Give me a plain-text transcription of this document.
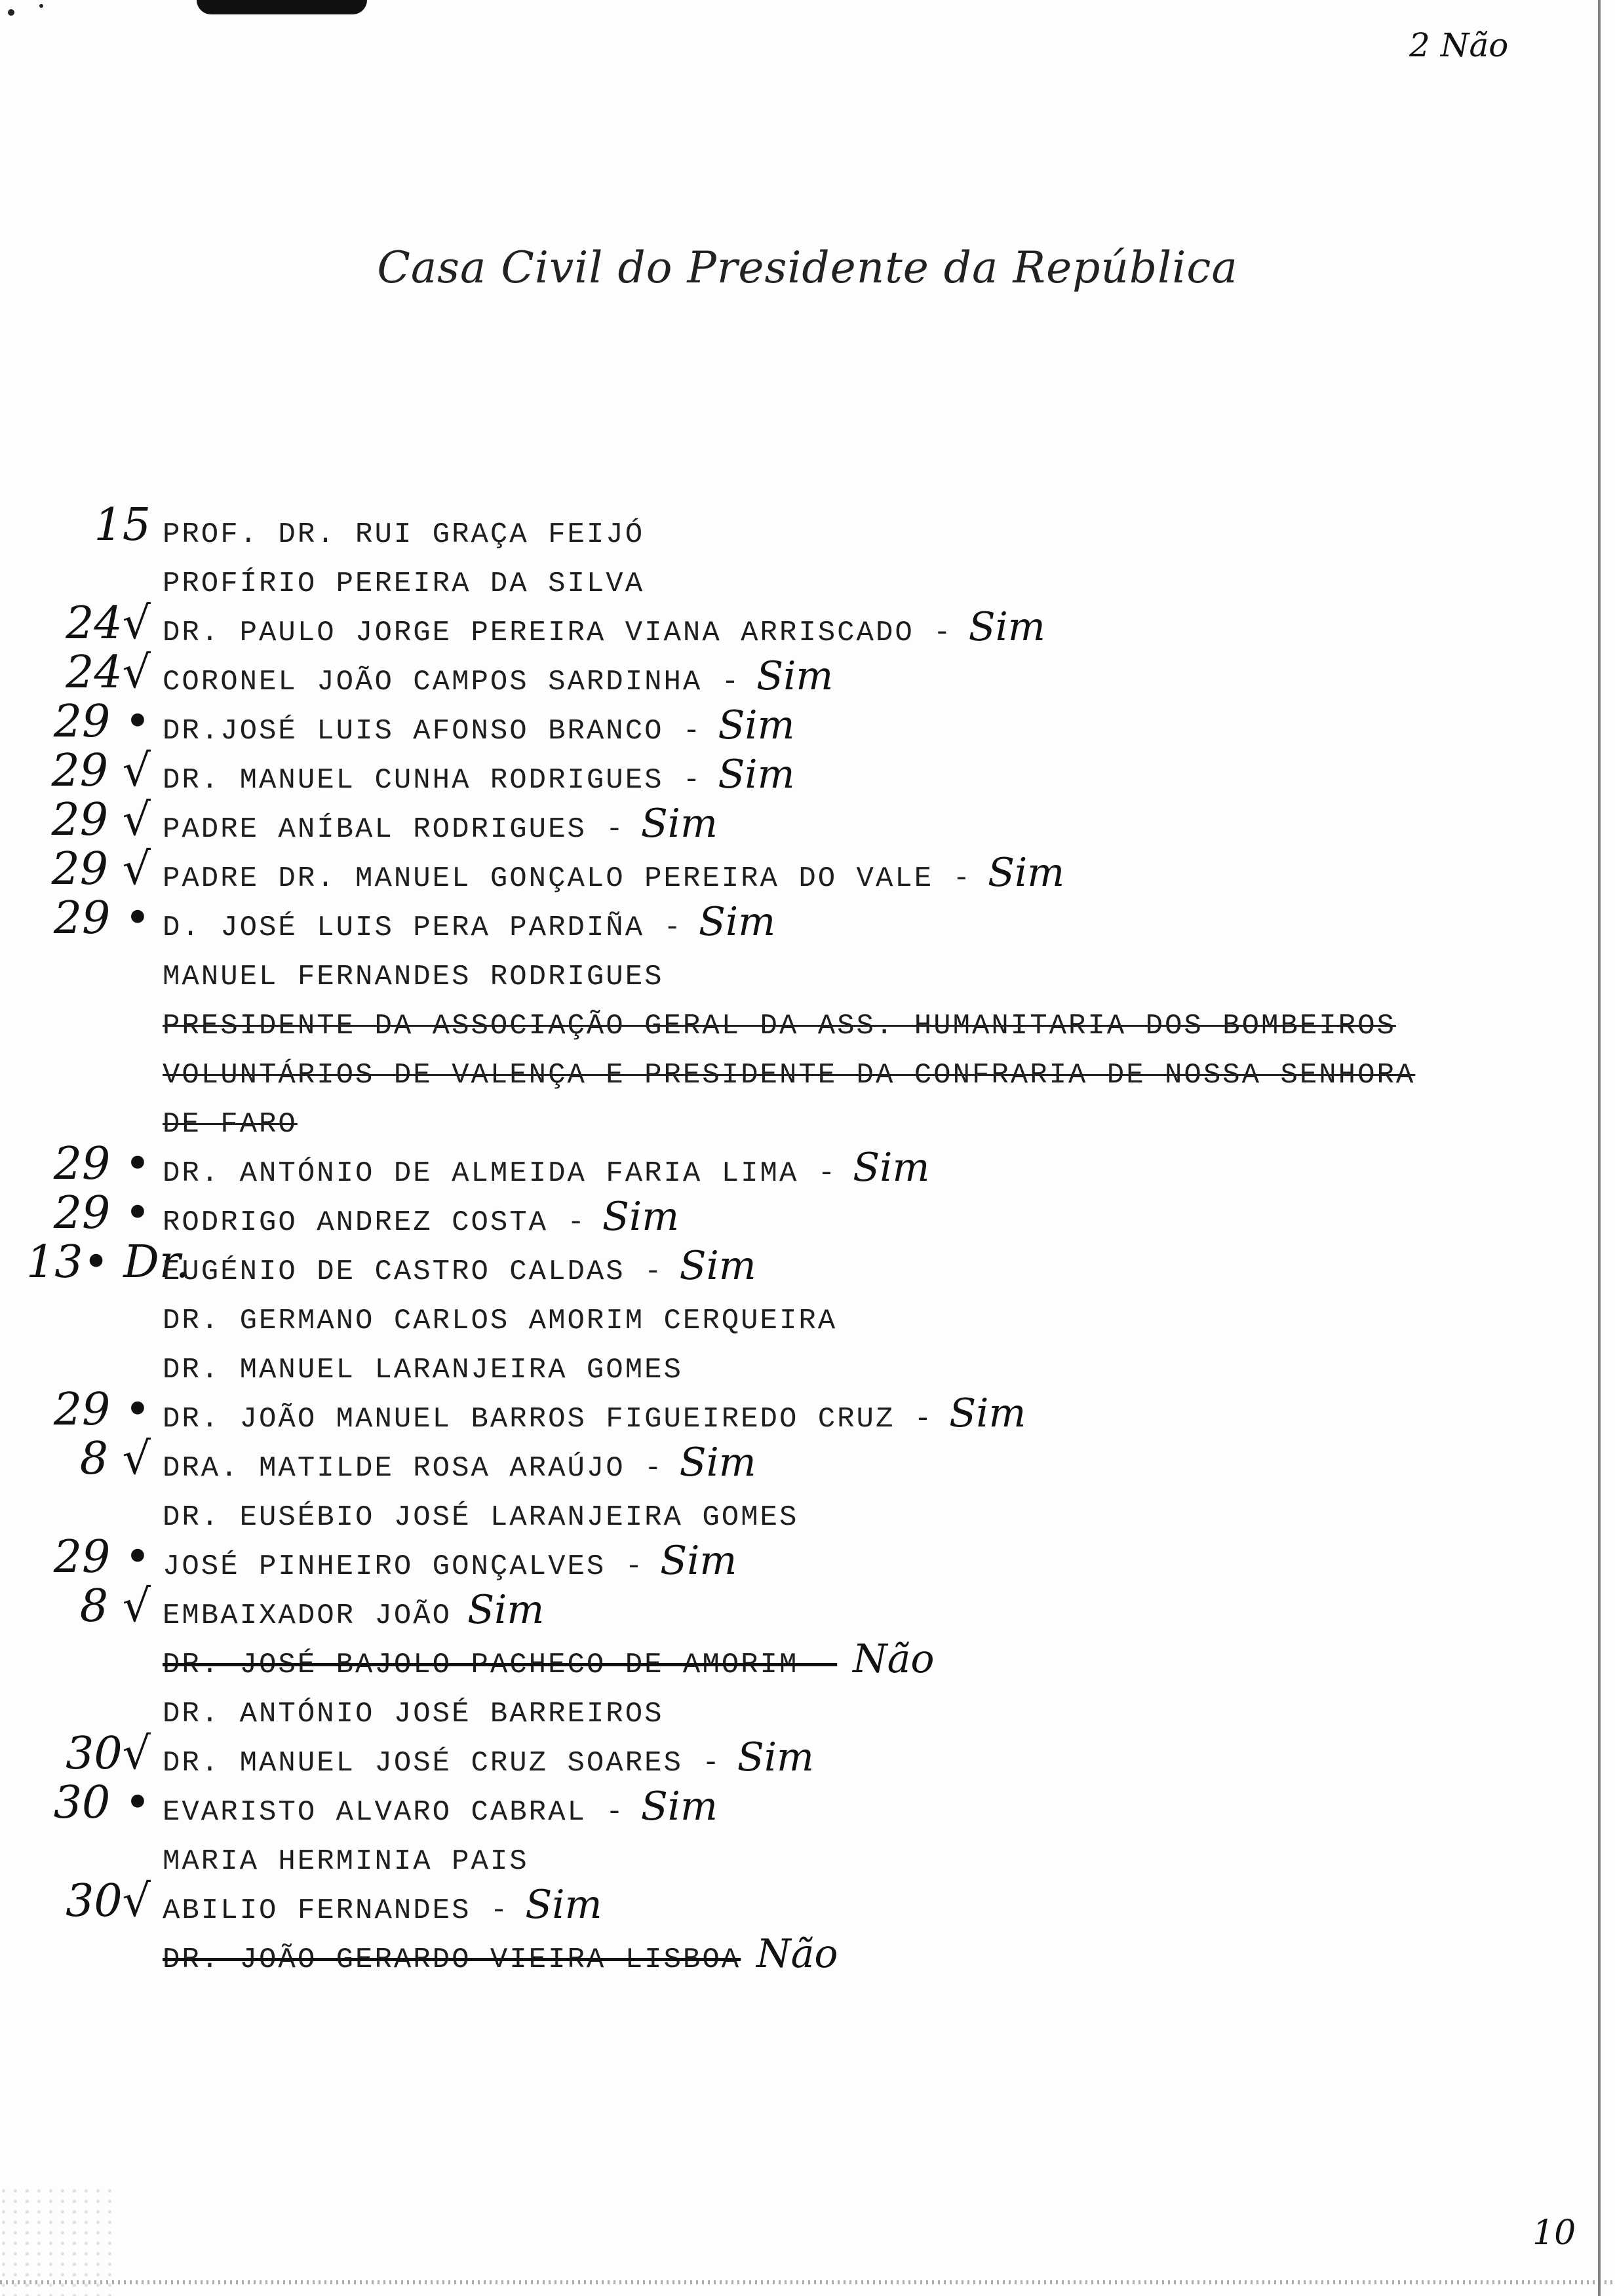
2 Não
Casa Civil do Presidente da República
15 PROF. DR. RUI GRAÇA FEIJÓ
PROFÍRIO PEREIRA DA SILVA
24√ DR. PAULO JORGE PEREIRA VIANA ARRISCADO - Sim
24√ CORONEL JOÃO CAMPOS SARDINHA - Sim
29 • DR.JOSÉ LUIS AFONSO BRANCO - Sim
29 √ DR. MANUEL CUNHA RODRIGUES - Sim
29 √ PADRE ANÍBAL RODRIGUES - Sim
29 √ PADRE DR. MANUEL GONÇALO PEREIRA DO VALE - Sim
29 • D. JOSÉ LUIS PERA PARDIÑA - Sim
MANUEL FERNANDES RODRIGUES
PRESIDENTE DA ASSOCIAÇÃO GERAL DA ASS. HUMANITARIA DOS BOMBEIROS
VOLUNTÁRIOS DE VALENÇA E PRESIDENTE DA CONFRARIA DE NOSSA SENHORA
DE FARO
29 • DR. ANTÓNIO DE ALMEIDA FARIA LIMA - Sim
29 • RODRIGO ANDREZ COSTA - Sim
13• Dr.
EUGÉNIO DE CASTRO CALDAS - Sim
DR. GERMANO CARLOS AMORIM CERQUEIRA
DR. MANUEL LARANJEIRA GOMES
29 • DR. JOÃO MANUEL BARROS FIGUEIREDO CRUZ - Sim
8 √ DRA. MATILDE ROSA ARAÚJO - Sim
DR. EUSÉBIO JOSÉ LARANJEIRA GOMES
29 • JOSÉ PINHEIRO GONÇALVES - Sim
8 √ EMBAIXADOR JOÃO Sim
DR. JOSÉ BAJOLO PACHECO DE AMORIM - Não
DR. ANTÓNIO JOSÉ BARREIROS
30√ DR. MANUEL JOSÉ CRUZ SOARES - Sim
30 • EVARISTO ALVARO CABRAL - Sim
MARIA HERMINIA PAIS
30√ ABILIO FERNANDES - Sim
DR. JOÃO GERARDO VIEIRA LISBOA Não
10
